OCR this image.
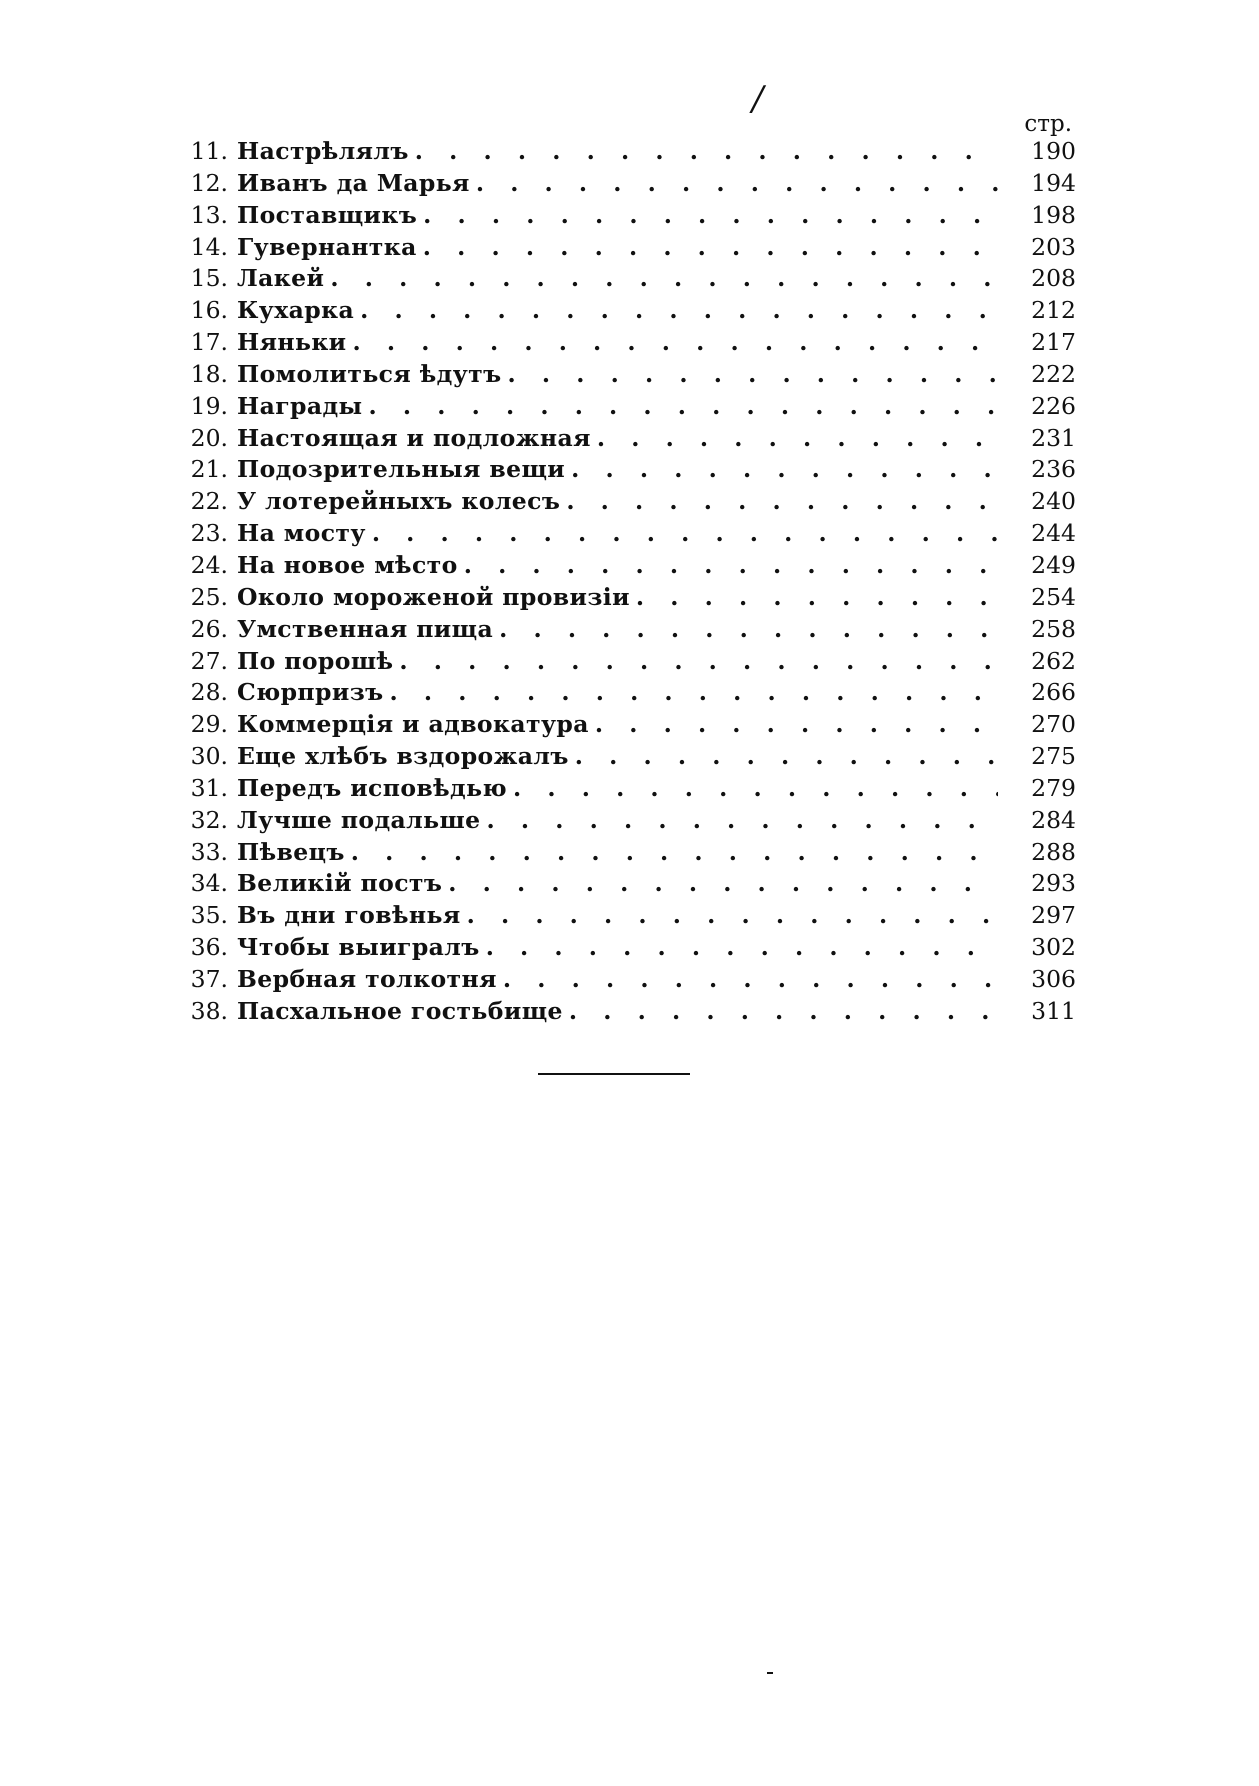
/
стр.
11. Настрѣлялъ . . .	190
12. Иванъ да Марья . . .	194
13. Поставщикъ . . .	198
14. Гувернантка . . .	203
15. Лакей . . .	208
16. Кухарка . . .	212
17. Няньки . . .	217
18. Помолиться ѣдутъ . . .	222
19. Награды . . .	226
20. Настоящая и подложная . . .	231
21. Подозрительныя вещи . . .	236
22. У лотерейныхъ колесъ . . .	240
23. На мосту . . .	244
24. На новое мѣсто . . .	249
25. Около мороженой провизіи . . .	254
26. Умственная пища . . .	258
27. По порошѣ . . .	262
28. Сюрпризъ . . .	266
29. Коммерція и адвокатура . . .	270
30. Еще хлѣбъ вздорожалъ . . .	275
31. Передъ исповѣдью . . .	279
32. Лучше подальше . . .	284
33. Пѣвецъ . . .	288
34. Великій постъ . . .	293
35. Въ дни говѣнья . . .	297
36. Чтобы выигралъ . . .	302
37. Вербная толкотня . . .	306
38. Пасхальное гостьбище . . .	311
